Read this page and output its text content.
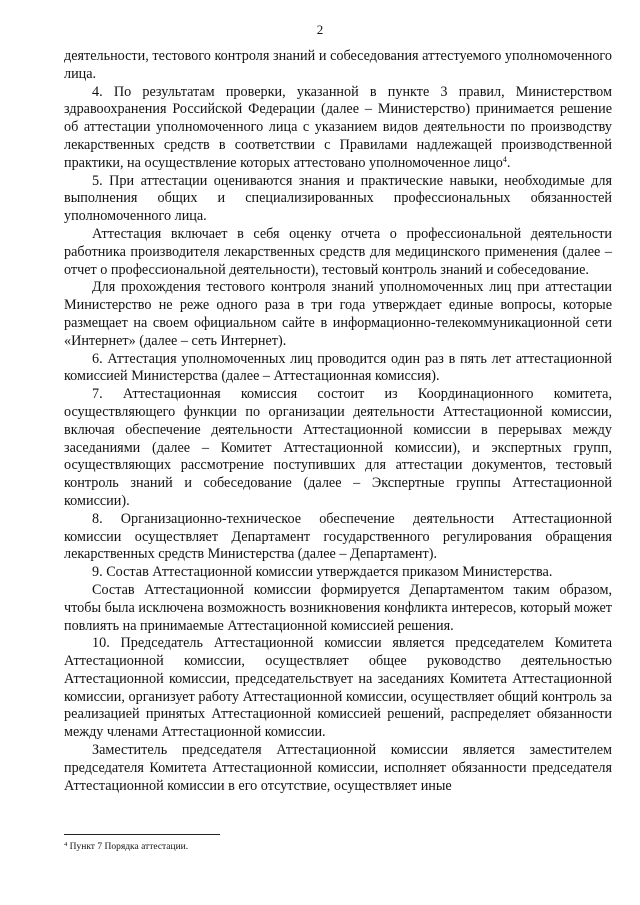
2

деятельности, тестового контроля знаний и собеседования аттестуемого уполномоченного лица.

4. По результатам проверки, указанной в пункте 3 правил, Министерством здравоохранения Российской Федерации (далее – Министерство) принимается решение об аттестации уполномоченного лица с указанием видов деятельности по производству лекарственных средств в соответствии с Правилами надлежащей производственной практики, на осуществление которых аттестовано уполномоченное лицо$^4$.

5. При аттестации оцениваются знания и практические навыки, необходимые для выполнения общих и специализированных профессиональных обязанностей уполномоченного лица.

Аттестация включает в себя оценку отчета о профессиональной деятельности работника производителя лекарственных средств для медицинского применения (далее – отчет о профессиональной деятельности), тестовый контроль знаний и собеседование.

Для прохождения тестового контроля знаний уполномоченных лиц при аттестации Министерство не реже одного раза в три года утверждает единые вопросы, которые размещает на своем официальном сайте в информационно-телекоммуникационной сети «Интернет» (далее – сеть Интернет).

6. Аттестация уполномоченных лиц проводится один раз в пять лет аттестационной комиссией Министерства (далее – Аттестационная комиссия).

7. Аттестационная комиссия состоит из Координационного комитета, осуществляющего функции по организации деятельности Аттестационной комиссии, включая обеспечение деятельности Аттестационной комиссии в перерывах между заседаниями (далее – Комитет Аттестационной комиссии), и экспертных групп, осуществляющих рассмотрение поступивших для аттестации документов, тестовый контроль знаний и собеседование (далее – Экспертные группы Аттестационной комиссии).

8. Организационно-техническое обеспечение деятельности Аттестационной комиссии осуществляет Департамент государственного регулирования обращения лекарственных средств Министерства (далее – Департамент).

9. Состав Аттестационной комиссии утверждается приказом Министерства.

Состав Аттестационной комиссии формируется Департаментом таким образом, чтобы была исключена возможность возникновения конфликта интересов, который может повлиять на принимаемые Аттестационной комиссией решения.

10. Председатель Аттестационной комиссии является председателем Комитета Аттестационной комиссии, осуществляет общее руководство деятельностью Аттестационной комиссии, председательствует на заседаниях Комитета Аттестационной комиссии, организует работу Аттестационной комиссии, осуществляет общий контроль за реализацией принятых Аттестационной комиссией решений, распределяет обязанности между членами Аттестационной комиссии.

Заместитель председателя Аттестационной комиссии является заместителем председателя Комитета Аттестационной комиссии, исполняет обязанности председателя Аттестационной комиссии в его отсутствие, осуществляет иные

$^4$ Пункт 7 Порядка аттестации.
